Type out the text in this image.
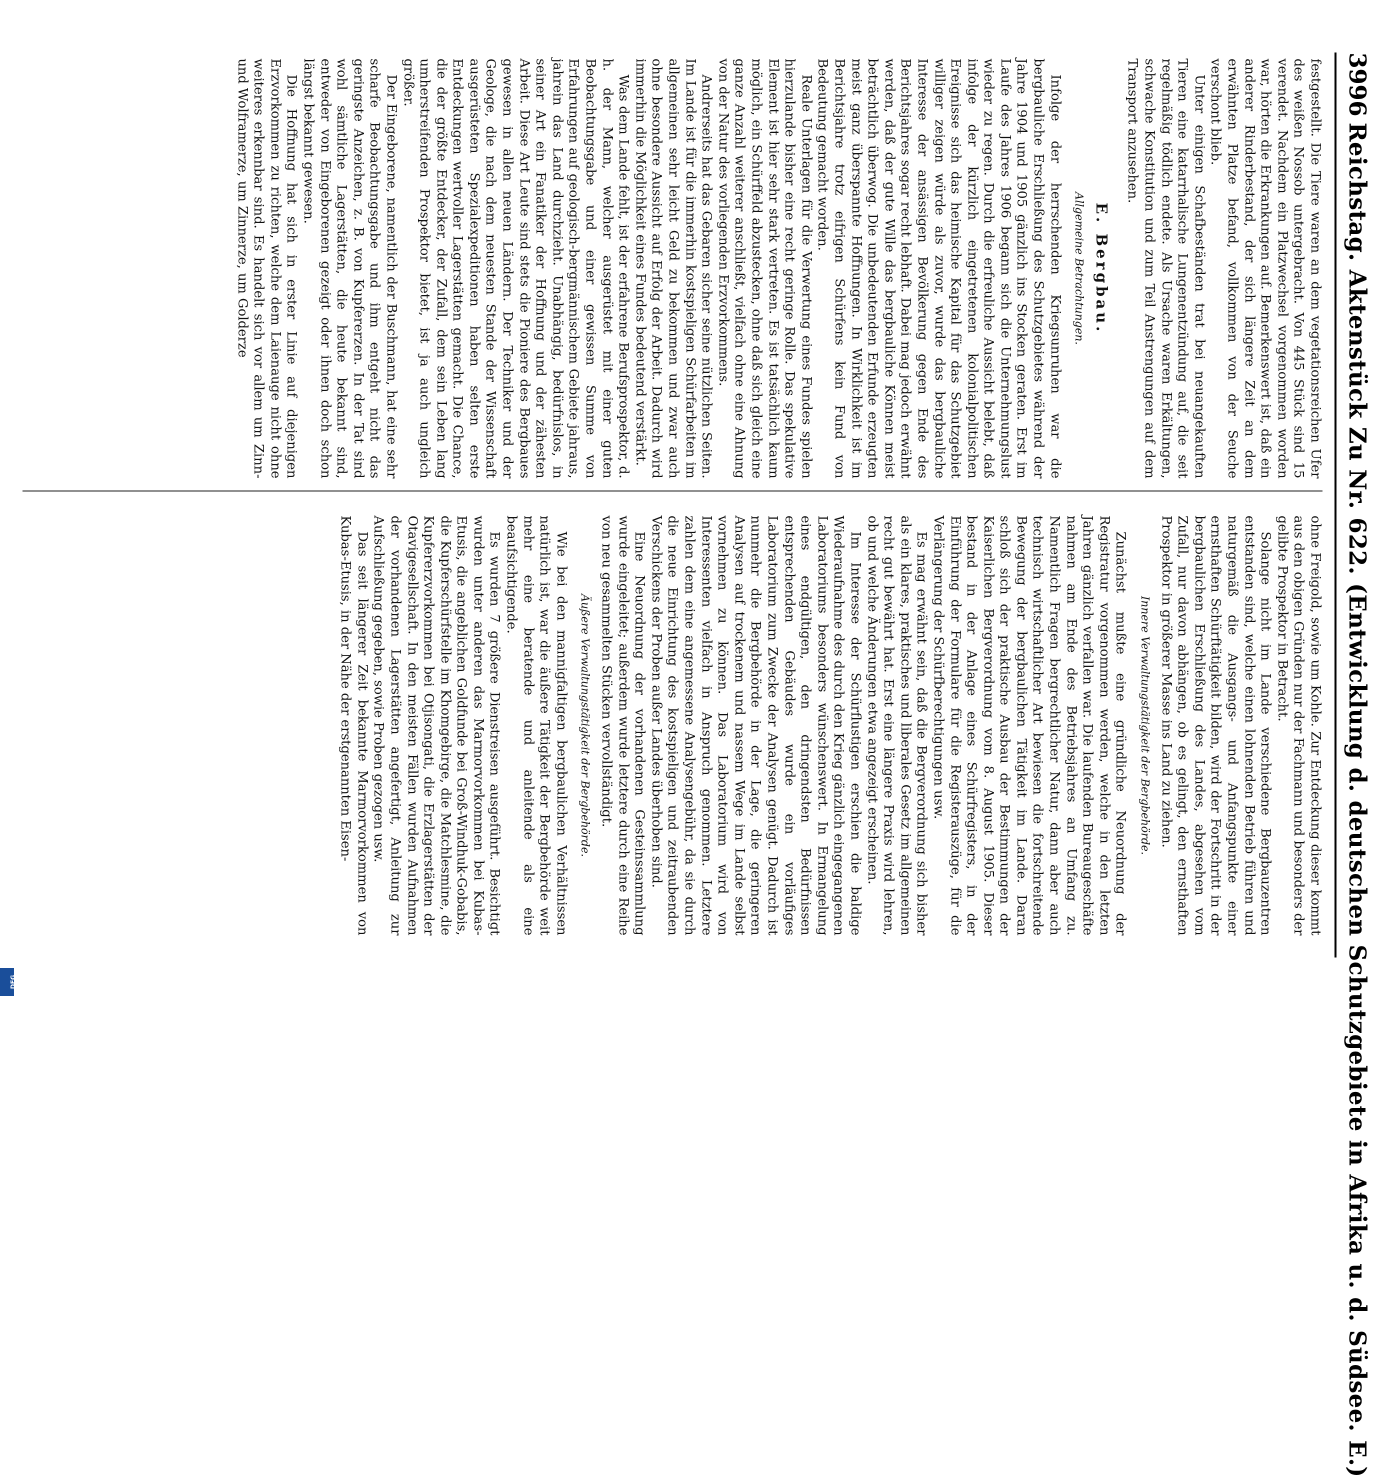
DFG
3996
Reichstag. Aktenstück Zu Nr. 622. (Entwicklung d. deutschen Schutzgebiete in Afrika u. d. Südsee. E.)

festgestellt. Die Tiere waren an dem vegetationsreichen Ufer des weißen Nossob untergebracht. Von 445 Stück sind 15 verendet. Nachdem ein Platzwechsel vorgenommen worden war, hörten die Erkrankungen auf. Bemerkenswert ist, daß ein anderer Rinderbestand, der sich längere Zeit an dem erwähnten Platze befand, vollkommen von der Seuche verschont blieb.

Unter einigen Schafbeständen trat bei neuangekauften Tieren eine katarrhalische Lungenentzündung auf, die seit regelmäßig tödlich endete. Als Ursache waren Erkältungen, schwache Konstitution und zum Teil Anstrengungen auf dem Transport anzusehen.

E. Bergbau.
Allgemeine Betrachtungen.

Infolge der herrschenden Kriegsunruhen war die bergbauliche Erschließung des Schutzgebietes während der Jahre 1904 und 1905 gänzlich ins Stocken geraten. Erst im Laufe des Jahres 1906 begann sich die Unternehmungslust wieder zu regen. Durch die erfreuliche Aussicht belebt, daß infolge der kürzlich eingetretenen kolonialpolitischen Ereignisse sich das heimische Kapital für das Schutzgebiet williger zeigen würde als zuvor, wurde das bergbauliche Interesse der ansässigen Bevölkerung gegen Ende des Berichtsjahres sogar recht lebhaft. Dabei mag jedoch erwähnt werden, daß der gute Wille das bergbauliche Können meist beträchtlich überwog. Die unbedeutenden Erfunde erzeugten meist ganz überspannte Hoffnungen. In Wirklichkeit ist im Berichtsjahre trotz eifrigen Schürfens kein Fund von Bedeutung gemacht worden.

Reale Unterlagen für die Verwertung eines Fundes spielen hierzulande bisher eine recht geringe Rolle. Das spekulative Element ist hier sehr stark vertreten. Es ist tatsächlich kaum möglich, ein Schürffeld abzustecken, ohne daß sich gleich eine ganze Anzahl weiterer anschließt, vielfach ohne eine Ahnung von der Natur des vorliegenden Erzvorkommens.

Andrerseits hat das Gebaren sicher seine nützlichen Seiten. Im Lande ist für die immerhin kostspieligen Schürfarbeiten im allgemeinen sehr leicht Geld zu bekommen und zwar auch ohne besondere Aussicht auf Erfolg der Arbeit. Dadurch wird immerhin die Möglichkeit eines Fundes bedeutend verstärkt.

Was dem Lande fehlt, ist der erfahrene Berufsprospektor, d. h. der Mann, welcher ausgerüstet mit einer guten Beobachtungsgabe und einer gewissen Summe von Erfahrungen auf geologisch-bergmännischem Gebiete jahraus, jahrein das Land durchzieht. Unabhängig, bedürfnislos, in seiner Art ein Fanatiker der Hoffnung und der zähesten Arbeit. Diese Art Leute sind stets die Pioniere des Bergbaues gewesen in allen neuen Ländern. Der Techniker und der Geologe, die nach dem neuesten Stande der Wissenschaft ausgerüsteten Spezialexpeditionen haben selten erste Entdeckungen wertvoller Lagerstätten gemacht. Die Chance, die der größte Entdecker, der Zufall, dem sein Leben lang umherstreifenden Prospektor bietet, ist ja auch ungleich größer.

Der Eingeborene, namentlich der Buschmann, hat eine sehr scharfe Beobachtungsgabe und ihm entgeht nicht das geringste Anzeichen, z. B. von Kupfererzen. In der Tat sind wohl sämtliche Lagerstätten, die heute bekannt sind, entweder von Eingeborenen gezeigt oder ihnen doch schon längst bekannt gewesen.

Die Hoffnung hat sich in erster Linie auf diejenigen Erzvorkommen zu richten, welche dem Laienauge nicht ohne weiteres erkennbar sind. Es handelt sich vor allem um Zinn- und Wolframerze, um Zinnerze, um Golderze

ohne Freigold, sowie um Kohle. Zur Entdeckung dieser kommt aus den obigen Gründen nur der Fachmann und besonders der gelibte Prospektor in Betracht.

Solange nicht im Lande verschiedene Bergbauzentren entstanden sind, welche einen lohnenden Betrieb führen und naturgemäß die Ausgangs- und Anfangspunkte einer ernsthaften Schürftätigkeit bilden, wird der Fortschritt in der bergbaulichen Erschließung des Landes, abgesehen vom Zufall, nur davon abhängen, ob es gelingt, den ernsthaften Prospektor in größerer Masse ins Land zu ziehen.

Innere Verwaltungstätigkeit der Bergbehörde.

Zunächst mußte eine gründliche Neuordnung der Registratur vorgenommen werden, welche in den letzten Jahren gänzlich verfallen war. Die laufenden Bureaugeschäfte nahmen am Ende des Betriebsjahres an Umfang zu. Namentlich Fragen bergrechtlicher Natur, dann aber auch technisch wirtschaftlicher Art bewiesen die fortschreitende Bewegung der bergbaulichen Tätigkeit im Lande. Daran schloß sich der praktische Ausbau der Bestimmungen der Kaiserlichen Bergverordnung vom 8. August 1905. Dieser bestand in der Anlage eines Schürfregisters, in der Einführung der Formulare für die Registerauszüge, für die Verlängerung der Schürfberechtigungen usw.

Es mag erwähnt sein, daß die Bergverordnung sich bisher als ein klares, praktisches und liberales Gesetz im allgemeinen recht gut bewährt hat. Erst eine längere Praxis wird lehren, ob und welche Änderungen etwa angezeigt erscheinen.

Im Interesse der Schürflustigen erschien die baldige Wiederaufnahme des durch den Krieg gänzlich eingegangenen Laboratoriums besonders wünschenswert. In Ermangelung eines endgültigen, den dringendsten Bedürfnissen entsprechenden Gebäudes wurde ein vorläufiges Laboratorium zum Zwecke der Analysen genügt. Dadurch ist nunmehr die Bergbehörde in der Lage, die geringeren Analysen auf trockenem und nassem Wege im Lande selbst vornehmen zu können. Das Laboratorium wird von Interessenten vielfach in Anspruch genommen. Letztere zahlen dem eine angemessene Analysengebühr, da sie durch die neue Einrichtung des kostspieligen und zeitraubenden Verschickens der Proben außer Landes überhoben sind.

Eine Neuordnung der vorhandenen Gesteinssammlung wurde eingeleitet; außerdem wurde letztere durch eine Reihe von neu gesammelten Stücken vervollständigt.

Äußere Verwaltungstätigkeit der Bergbehörde.

Wie bei den mannigfaltigen bergbaulichen Verhältnissen natürlich ist, war die äußere Tätigkeit der Bergbehörde weit mehr eine beratende und anleitende als eine beaufsichtigende.

Es wurden 7 größere Dienstreisen ausgeführt. Besichtigt wurden unter anderen das Marmorvorkommen bei Kubas-Etusis, die angeblichen Goldfunde bei Groß-Windhuk-Gobabis, die Kupferschürfstelle im Khomgebirge, die Matchlesmine, die Kupfererzvorkommen bei Otjisongati, die Erzlagerstätten der Otavigesellschaft. In den meisten Fällen wurden Aufnahmen der vorhandenen Lagerstätten angefertigt, Anleitung zur Aufschließung gegeben, sowie Proben gezogen usw.

Das seit längerer Zeit bekannte Marmorvorkommen von Kubas-Etusis, in der Nähe der erstgenannten Eisen-
